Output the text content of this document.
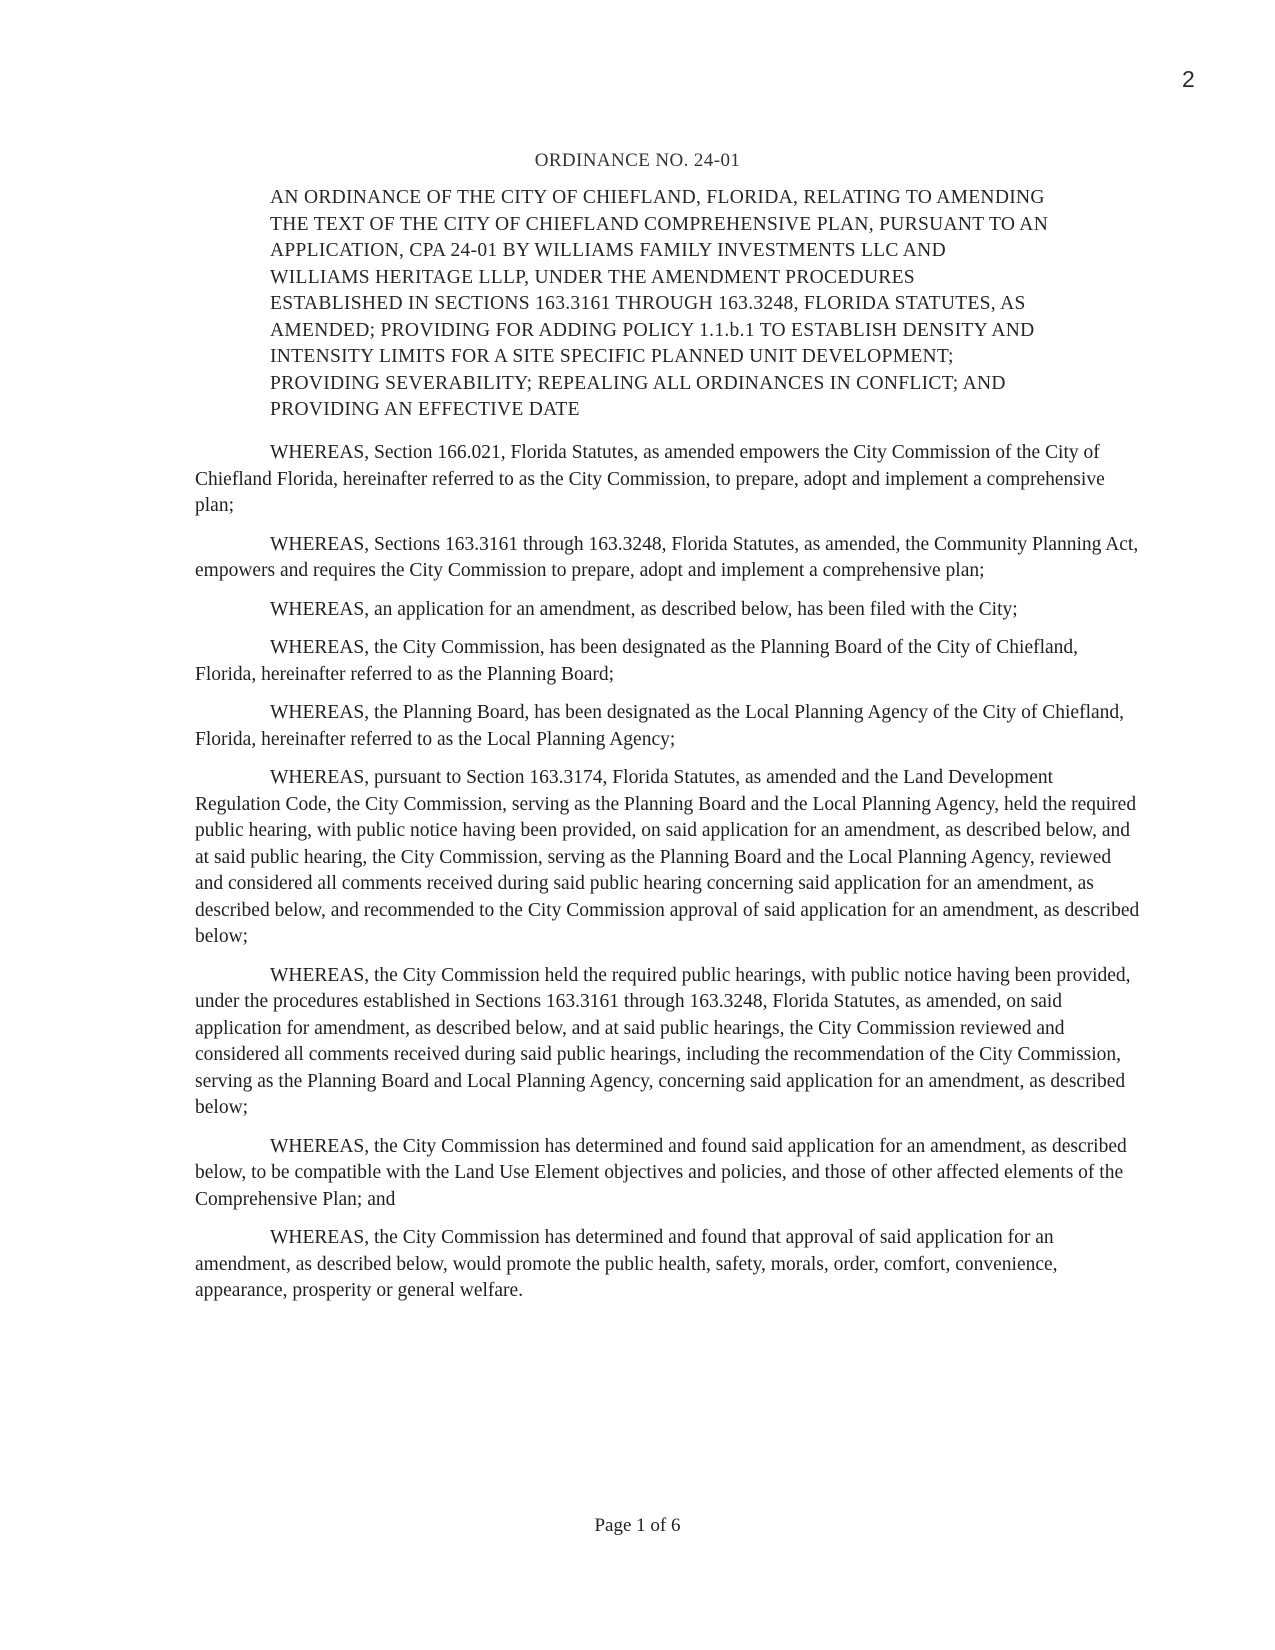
2
ORDINANCE NO. 24-01
AN ORDINANCE OF THE CITY OF CHIEFLAND, FLORIDA, RELATING TO AMENDING
THE TEXT OF THE CITY OF CHIEFLAND COMPREHENSIVE PLAN, PURSUANT TO AN
APPLICATION, CPA 24-01 BY WILLIAMS FAMILY INVESTMENTS LLC AND
WILLIAMS HERITAGE LLLP, UNDER THE AMENDMENT PROCEDURES
ESTABLISHED IN SECTIONS 163.3161 THROUGH 163.3248, FLORIDA STATUTES, AS
AMENDED; PROVIDING FOR ADDING POLICY 1.1.b.1 TO ESTABLISH DENSITY AND
INTENSITY LIMITS FOR A SITE SPECIFIC PLANNED UNIT DEVELOPMENT;
PROVIDING SEVERABILITY; REPEALING ALL ORDINANCES IN CONFLICT; AND
PROVIDING AN EFFECTIVE DATE

WHEREAS, Section 166.021, Florida Statutes, as amended empowers the City Commission of the City of Chiefland Florida, hereinafter referred to as the City Commission, to prepare, adopt and implement a comprehensive plan;

WHEREAS, Sections 163.3161 through 163.3248, Florida Statutes, as amended, the Community Planning Act, empowers and requires the City Commission to prepare, adopt and implement a comprehensive plan;

WHEREAS, an application for an amendment, as described below, has been filed with the City;

WHEREAS, the City Commission, has been designated as the Planning Board of the City of Chiefland, Florida, hereinafter referred to as the Planning Board;

WHEREAS, the Planning Board, has been designated as the Local Planning Agency of the City of Chiefland, Florida, hereinafter referred to as the Local Planning Agency;

WHEREAS, pursuant to Section 163.3174, Florida Statutes, as amended and the Land Development Regulation Code, the City Commission, serving as the Planning Board and the Local Planning Agency, held the required public hearing, with public notice having been provided, on said application for an amendment, as described below, and at said public hearing, the City Commission, serving as the Planning Board and the Local Planning Agency, reviewed and considered all comments received during said public hearing concerning said application for an amendment, as described below, and recommended to the City Commission approval of said application for an amendment, as described below;

WHEREAS, the City Commission held the required public hearings, with public notice having been provided, under the procedures established in Sections 163.3161 through 163.3248, Florida Statutes, as amended, on said application for amendment, as described below, and at said public hearings, the City Commission reviewed and considered all comments received during said public hearings, including the recommendation of the City Commission, serving as the Planning Board and Local Planning Agency, concerning said application for an amendment, as described below;

WHEREAS, the City Commission has determined and found said application for an amendment, as described below, to be compatible with the Land Use Element objectives and policies, and those of other affected elements of the Comprehensive Plan; and

WHEREAS, the City Commission has determined and found that approval of said application for an amendment, as described below, would promote the public health, safety, morals, order, comfort, convenience, appearance, prosperity or general welfare.

Page 1 of 6
